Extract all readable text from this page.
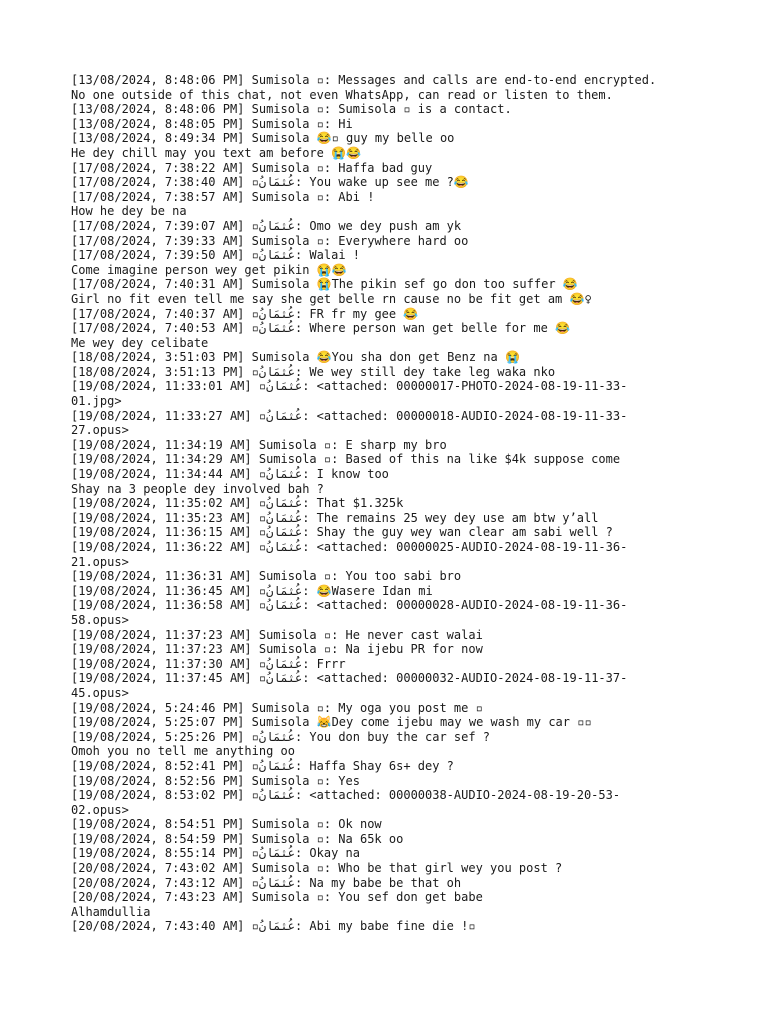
[13/08/2024, 8:48:06 PM] Sumisola ▫: Messages and calls are end-to-end encrypted.
No one outside of this chat, not even WhatsApp, can read or listen to them.
[13/08/2024, 8:48:06 PM] Sumisola ▫: Sumisola ▫ is a contact.
[13/08/2024, 8:48:05 PM] Sumisola ▫: Hi
[13/08/2024, 8:49:34 PM] Sumisola 😂▫ guy my belle oo
He dey chill may you text am before 😭😂
[17/08/2024, 7:38:22 AM] Sumisola ▫: Haffa bad guy
[17/08/2024, 7:38:40 AM] ▫عُثمَانُ: You wake up see me ?😂
[17/08/2024, 7:38:57 AM] Sumisola ▫: Abi !
How he dey be na
[17/08/2024, 7:39:07 AM] ▫عُثمَانُ: Omo we dey push am yk
[17/08/2024, 7:39:33 AM] Sumisola ▫: Everywhere hard oo
[17/08/2024, 7:39:50 AM] ▫عُثمَانُ: Walai !
Come imagine person wey get pikin 😭😂
[17/08/2024, 7:40:31 AM] Sumisola 😭The pikin sef go don too suffer 😂
Girl no fit even tell me say she get belle rn cause no be fit get am 😂♀
[17/08/2024, 7:40:37 AM] ▫عُثمَانُ: FR fr my gee 😂
[17/08/2024, 7:40:53 AM] ▫عُثمَانُ: Where person wan get belle for me 😂
Me wey dey celibate
[18/08/2024, 3:51:03 PM] Sumisola 😂You sha don get Benz na 😭
[18/08/2024, 3:51:13 PM] ▫عُثمَانُ: We wey still dey take leg waka nko
[19/08/2024, 11:33:01 AM] ▫عُثمَانُ: <attached: 00000017-PHOTO-2024-08-19-11-33-
01.jpg>
[19/08/2024, 11:33:27 AM] ▫عُثمَانُ: <attached: 00000018-AUDIO-2024-08-19-11-33-
27.opus>
[19/08/2024, 11:34:19 AM] Sumisola ▫: E sharp my bro
[19/08/2024, 11:34:29 AM] Sumisola ▫: Based of this na like $4k suppose come
[19/08/2024, 11:34:44 AM] ▫عُثمَانُ: I know too
Shay na 3 people dey involved bah ?
[19/08/2024, 11:35:02 AM] ▫عُثمَانُ: That $1.325k
[19/08/2024, 11:35:23 AM] ▫عُثمَانُ: The remains 25 wey dey use am btw y’all
[19/08/2024, 11:36:15 AM] ▫عُثمَانُ: Shay the guy wey wan clear am sabi well ?
[19/08/2024, 11:36:22 AM] ▫عُثمَانُ: <attached: 00000025-AUDIO-2024-08-19-11-36-
21.opus>
[19/08/2024, 11:36:31 AM] Sumisola ▫: You too sabi bro
[19/08/2024, 11:36:45 AM] ▫عُثمَانُ: 😂Wasere Idan mi
[19/08/2024, 11:36:58 AM] ▫عُثمَانُ: <attached: 00000028-AUDIO-2024-08-19-11-36-
58.opus>
[19/08/2024, 11:37:23 AM] Sumisola ▫: He never cast walai
[19/08/2024, 11:37:23 AM] Sumisola ▫: Na ijebu PR for now
[19/08/2024, 11:37:30 AM] ▫عُثمَانُ: Frrr
[19/08/2024, 11:37:45 AM] ▫عُثمَانُ: <attached: 00000032-AUDIO-2024-08-19-11-37-
45.opus>
[19/08/2024, 5:24:46 PM] Sumisola ▫: My oga you post me ▫
[19/08/2024, 5:25:07 PM] Sumisola 😹Dey come ijebu may we wash my car ▫▫
[19/08/2024, 5:25:26 PM] ▫عُثمَانُ: You don buy the car sef ?
Omoh you no tell me anything oo
[19/08/2024, 8:52:41 PM] ▫عُثمَانُ: Haffa Shay 6s+ dey ?
[19/08/2024, 8:52:56 PM] Sumisola ▫: Yes
[19/08/2024, 8:53:02 PM] ▫عُثمَانُ: <attached: 00000038-AUDIO-2024-08-19-20-53-
02.opus>
[19/08/2024, 8:54:51 PM] Sumisola ▫: Ok now
[19/08/2024, 8:54:59 PM] Sumisola ▫: Na 65k oo
[19/08/2024, 8:55:14 PM] ▫عُثمَانُ: Okay na
[20/08/2024, 7:43:02 AM] Sumisola ▫: Who be that girl wey you post ?
[20/08/2024, 7:43:12 AM] ▫عُثمَانُ: Na my babe be that oh
[20/08/2024, 7:43:23 AM] Sumisola ▫: You sef don get babe
Alhamdullia
[20/08/2024, 7:43:40 AM] ▫عُثمَانُ: Abi my babe fine die !▫
